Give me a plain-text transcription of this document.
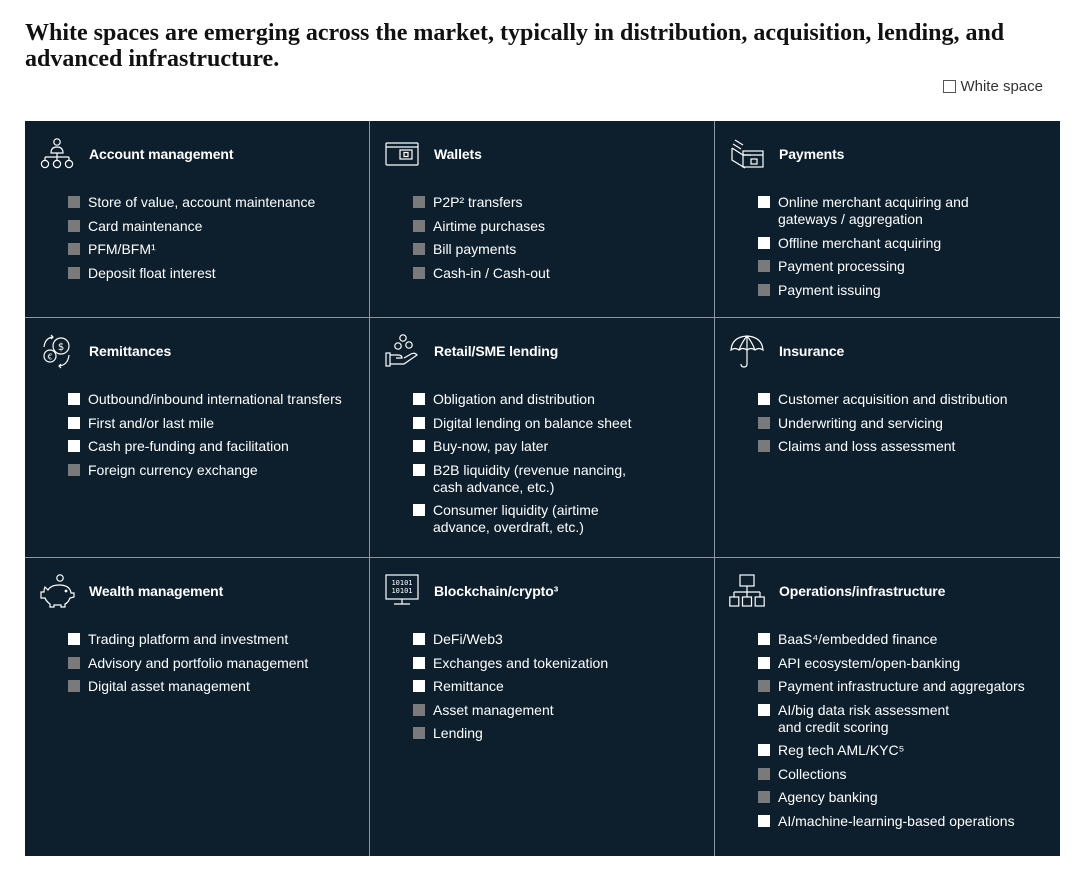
White spaces are emerging across the market, typically in distribution, acquisition, lending, and advanced infrastructure.
White space
Account management
Store of value, account maintenance
Card maintenance
PFM/BFM¹
Deposit float interest
Wallets
P2P² transfers
Airtime purchases
Bill payments
Cash-in / Cash-out
Payments
Online merchant acquiring and
gateways / aggregation
Offline merchant acquiring
Payment processing
Payment issuing
$
€	Remittances
Outbound/inbound international transfers
First and/or last mile
Cash pre-funding and facilitation
Foreign currency exchange
Retail/SME lending
Obligation and distribution
Digital lending on balance sheet
Buy-now, pay later
B2B liquidity (revenue nancing,
cash advance, etc.)
Consumer liquidity (airtime
advance, overdraft, etc.)
Insurance
Customer acquisition and distribution
Underwriting and servicing
Claims and loss assessment
Wealth management
Trading platform and investment
Advisory and portfolio management
Digital asset management
10101
10101 Blockchain/crypto³
DeFi/Web3
Exchanges and tokenization
Remittance
Asset management
Lending
Operations/infrastructure
BaaS⁴/embedded finance
API ecosystem/open-banking
Payment infrastructure and aggregators
AI/big data risk assessment
and credit scoring
Reg tech AML/KYC⁵
Collections
Agency banking
AI/machine-learning-based operations
